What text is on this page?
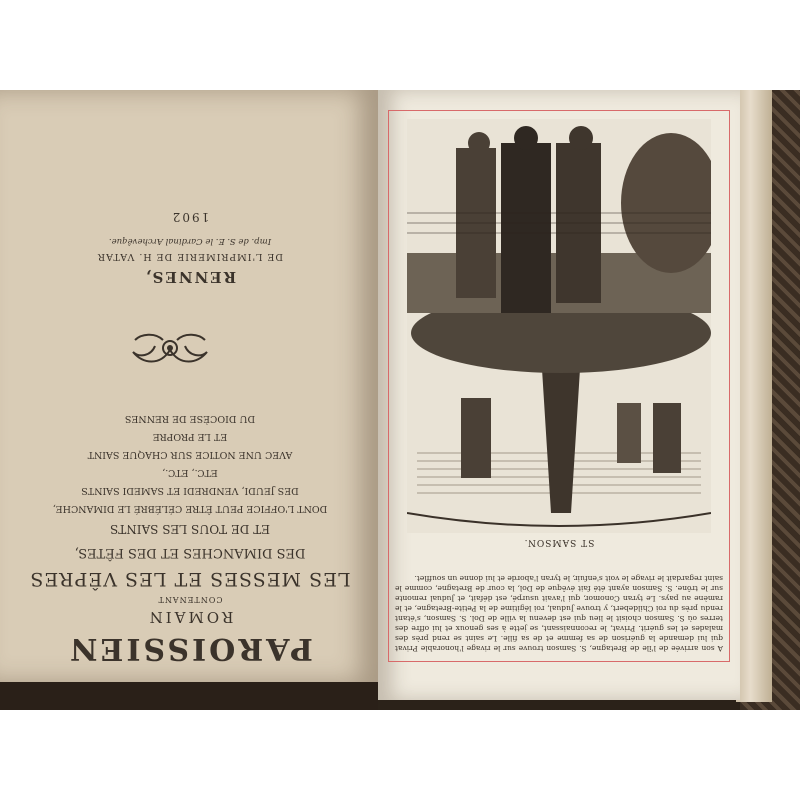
PAROISSIEN
ROMAIN
CONTENANT
LES MESSES ET LES VÊPRES
DES DIMANCHES ET DES FÊTES,
ET DE TOUS LES SAINTS
DONT L'OFFICE PEUT ÊTRE CÉLÉBRÉ LE DIMANCHE,
DES JEUDI, VENDREDI ET SAMEDI SAINTS
ETC., ETC.,
AVEC UNE NOTICE SUR CHAQUE SAINT
ET LE PROPRE
DU DIOCÈSE DE RENNES
RENNES,
DE L'IMPRIMERIE DE H. VATAR
Imp. de S. E. le Cardinal Archevêque.
1902
A son arrivée de l'île de Bretagne, S. Samson trouve sur le rivage l'honorable Privat qui lui demande la guérison de sa femme et de sa fille. Le saint se rend près des malades et les guérit. Privat, le reconnaissant, se jette à ses genoux et lui offre des terres où S. Samson choisit le lieu qui est devenu la ville de Dol. S. Samson, s'étant rendu près du roi Childebert, y trouve Judual, roi légitime de la Petite-Bretagne, et le ramène au pays. Le tyran Conomor, qui l'avait usurpé, est défait, et Judual remonte sur le trône. S. Samson ayant été fait évêque de Dol, la cour de Bretagne, comme le saint regardait le rivage le voit s'enfuir, le tyran l'aborde et lui donne un soufflet.
ST SAMSON.
